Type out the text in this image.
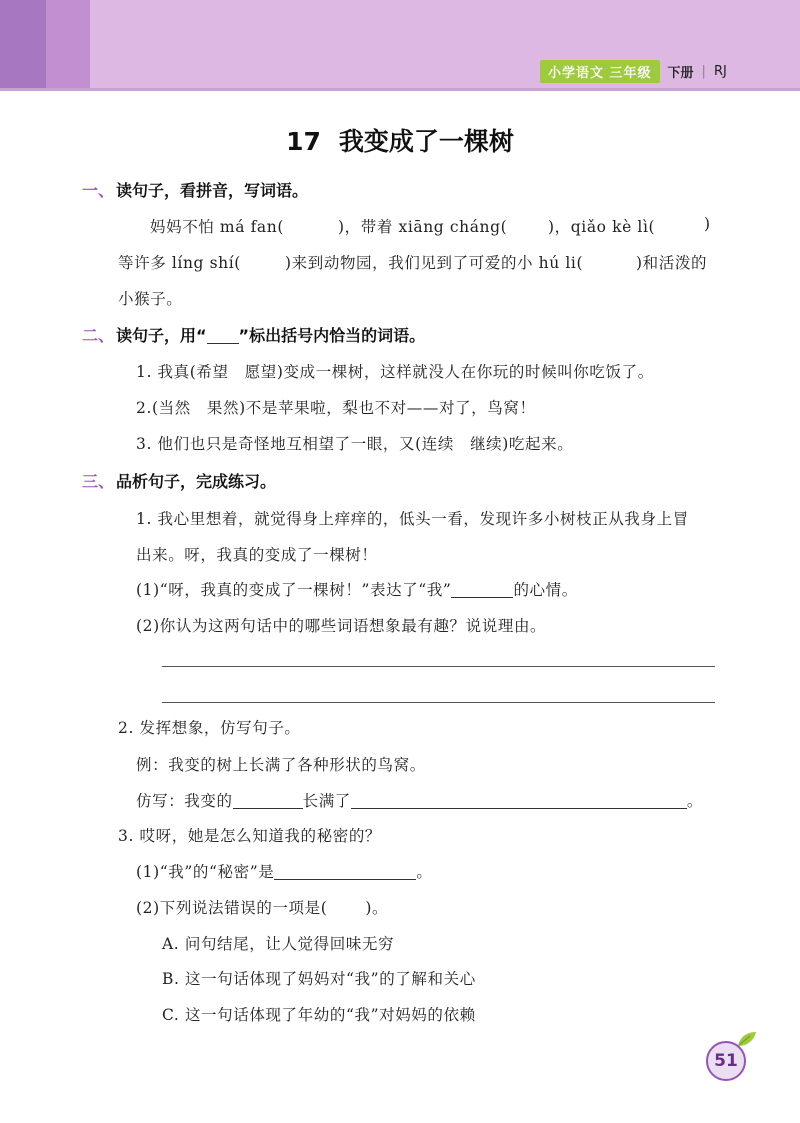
小学语文 三年级	下册 | RJ
17 我变成了一棵树
一、 读句子，看拼音，写词语。
妈妈不怕 má fan(	)，带着 xiāng cháng(	)，qiǎo kè lì(	)
等许多 líng shí(	)来到动物园，我们见到了可爱的小 hú li(	)和活泼的
小猴子。
二、 读句子，用“ ”标出括号内恰当的词语。
1. 我真(希望　愿望)变成一棵树，这样就没人在你玩的时候叫你吃饭了。
2.(当然　果然)不是苹果啦，梨也不对——对了，鸟窝！
3. 他们也只是奇怪地互相望了一眼，又(连续　继续)吃起来。
三、 品析句子，完成练习。
1. 我心里想着，就觉得身上痒痒的，低头一看，发现许多小树枝正从我身上冒
出来。呀，我真的变成了一棵树！
(1)“呀，我真的变成了一棵树！”表达了“我”	的心情。
(2)你认为这两句话中的哪些词语想象最有趣？说说理由。
2. 发挥想象，仿写句子。
例：我变的树上长满了各种形状的鸟窝。
仿写：我变的	长满了	。
3. 哎呀，她是怎么知道我的秘密的？
(1)“我”的“秘密”是	。
(2)下列说法错误的一项是( )。
A. 问句结尾，让人觉得回味无穷
B. 这一句话体现了妈妈对“我”的了解和关心
C. 这一句话体现了年幼的“我”对妈妈的依赖
51
